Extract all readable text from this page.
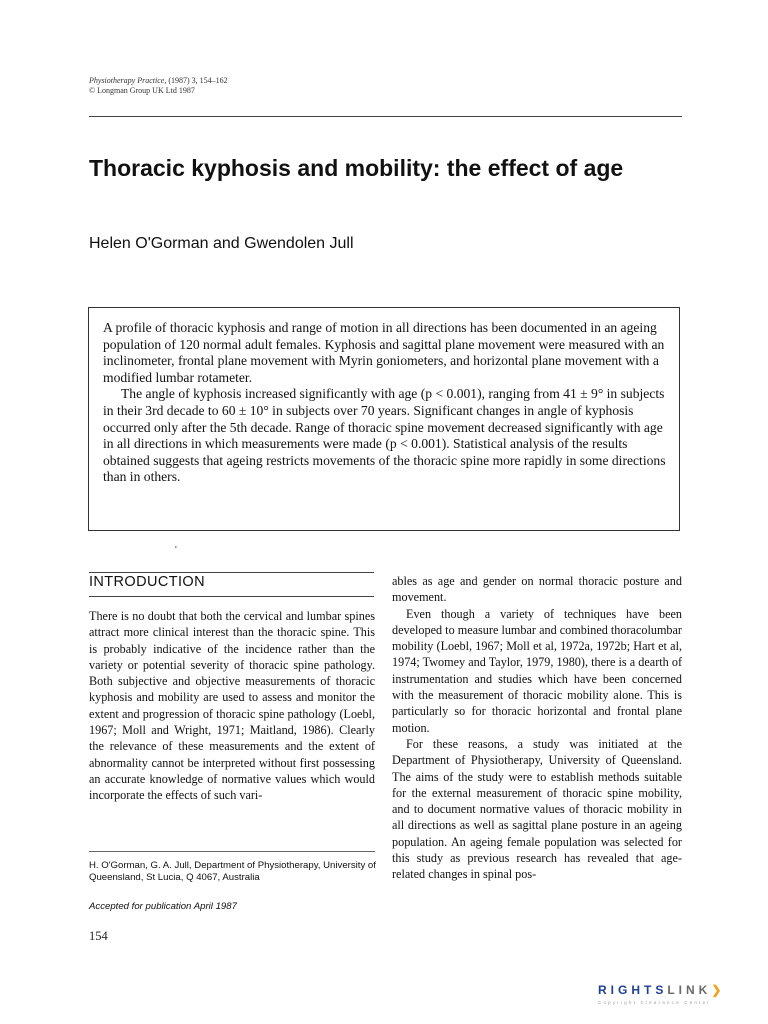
Physiotherapy Practice, (1987) 3, 154–162
© Longman Group UK Ltd 1987
Thoracic kyphosis and mobility: the effect of age
Helen O'Gorman and Gwendolen Jull

A profile of thoracic kyphosis and range of motion in all directions has been documented in an ageing population of 120 normal adult females. Kyphosis and sagittal plane movement were measured with an inclinometer, frontal plane movement with Myrin goniometers, and horizontal plane movement with a modified lumbar rotameter.

The angle of kyphosis increased significantly with age (p < 0.001), ranging from 41 ± 9° in subjects in their 3rd decade to 60 ± 10° in subjects over 70 years. Significant changes in angle of kyphosis occurred only after the 5th decade. Range of thoracic spine movement decreased significantly with age in all directions in which measurements were made (p < 0.001). Statistical analysis of the results obtained suggests that ageing restricts movements of the thoracic spine more rapidly in some directions than in others.

'
INTRODUCTION

There is no doubt that both the cervical and lumbar spines attract more clinical interest than the thoracic spine. This is probably indicative of the incidence rather than the variety or potential severity of thoracic spine pathology. Both subjective and objective measurements of thoracic kyphosis and mobility are used to assess and monitor the extent and progression of thoracic spine pathology (Loebl, 1967; Moll and Wright, 1971; Maitland, 1986). Clearly the relevance of these measurements and the extent of abnormality cannot be interpreted without first possessing an accurate knowledge of normative values which would incorporate the effects of such vari-

H. O'Gorman, G. A. Jull, Department of Physiotherapy, University of Queensland, St Lucia, Q 4067, Australia
Accepted for publication April 1987

ables as age and gender on normal thoracic posture and movement.

Even though a variety of techniques have been developed to measure lumbar and combined thoracolumbar mobility (Loebl, 1967; Moll et al, 1972a, 1972b; Hart et al, 1974; Twomey and Taylor, 1979, 1980), there is a dearth of instrumentation and studies which have been concerned with the measurement of thoracic mobility alone. This is particularly so for thoracic horizontal and frontal plane motion.

For these reasons, a study was initiated at the Department of Physiotherapy, University of Queensland. The aims of the study were to establish methods suitable for the external measurement of thoracic spine mobility, and to document normative values of thoracic mobility in all directions as well as sagittal plane posture in an ageing population. An ageing female population was selected for this study as previous research has revealed that age-related changes in spinal pos-

154
RIGHTSLINK❯
Copyright Clearance Center
